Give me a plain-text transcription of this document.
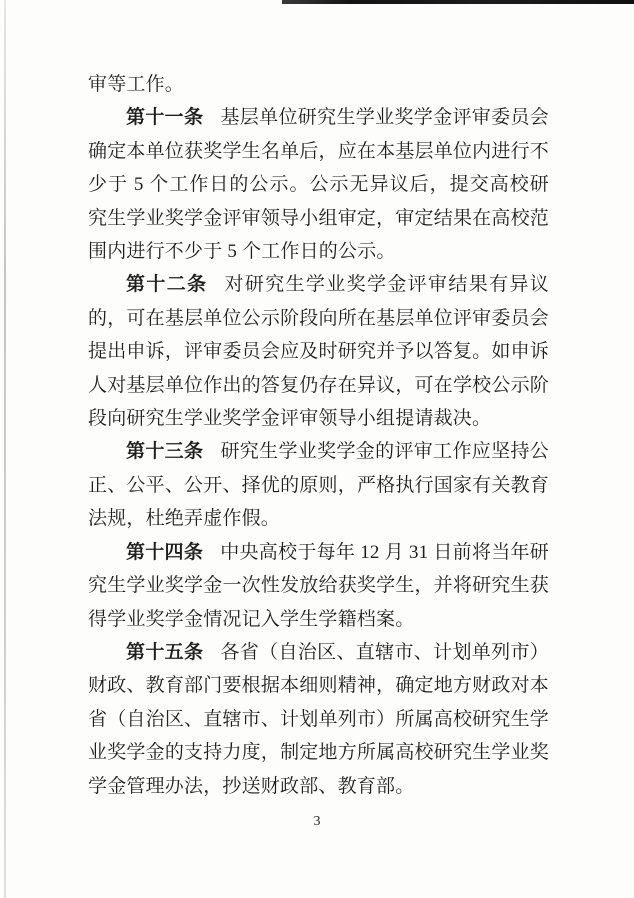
审等工作。

第十一条 基层单位研究生学业奖学金评审委员会确定本单位获奖学生名单后，应在本基层单位内进行不少于 5 个工作日的公示。公示无异议后，提交高校研究生学业奖学金评审领导小组审定，审定结果在高校范围内进行不少于 5 个工作日的公示。

第十二条 对研究生学业奖学金评审结果有异议的，可在基层单位公示阶段向所在基层单位评审委员会提出申诉，评审委员会应及时研究并予以答复。如申诉人对基层单位作出的答复仍存在异议，可在学校公示阶段向研究生学业奖学金评审领导小组提请裁决。

第十三条 研究生学业奖学金的评审工作应坚持公正、公平、公开、择优的原则，严格执行国家有关教育法规，杜绝弄虚作假。

第十四条 中央高校于每年 12 月 31 日前将当年研究生学业奖学金一次性发放给获奖学生，并将研究生获得学业奖学金情况记入学生学籍档案。

第十五条 各省（自治区、直辖市、计划单列市）财政、教育部门要根据本细则精神，确定地方财政对本省（自治区、直辖市、计划单列市）所属高校研究生学业奖学金的支持力度，制定地方所属高校研究生学业奖学金管理办法，抄送财政部、教育部。

3
